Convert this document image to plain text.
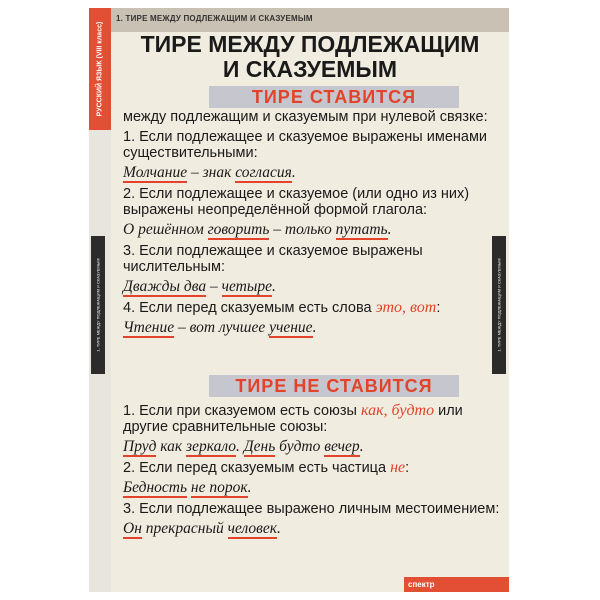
РУССКИЙ ЯЗЫК (VIII класс)
1. ТИРЕ МЕЖДУ ПОДЛЕЖАЩИМ И СКАЗУЕМЫМ	1. ТИРЕ МЕЖДУ ПОДЛЕЖАЩИМ И СКАЗУЕМЫМ
1. ТИРЕ МЕЖДУ ПОДЛЕЖАЩИМ И СКАЗУЕМЫМ
ТИРЕ МЕЖДУ ПОДЛЕЖАЩИМ
И СКАЗУЕМЫМ
ТИРЕ СТАВИТСЯ

между подлежащим и сказуемым при нулевой связке:

1. Если подлежащее и сказуемое выражены именами существительными:

Молчание – знак согласия.

2. Если подлежащее и сказуемое (или одно из них) выражены неопределённой формой глагола:

О решённом говорить – только путать.

3. Если подлежащее и сказуемое выражены числительным:

Дважды два – четыре.

4. Если перед сказуемым есть слова это, вот:

Чтение – вот лучшее учение.

ТИРЕ НЕ СТАВИТСЯ

1. Если при сказуемом есть союзы как, будто или другие сравнительные союзы:

Пруд как зеркало. День будто вечер.

2. Если перед сказуемым есть частица не:

Бедность не порок.

3. Если подлежащее выражено личным местоимением:

Он прекрасный человек.

спектр
